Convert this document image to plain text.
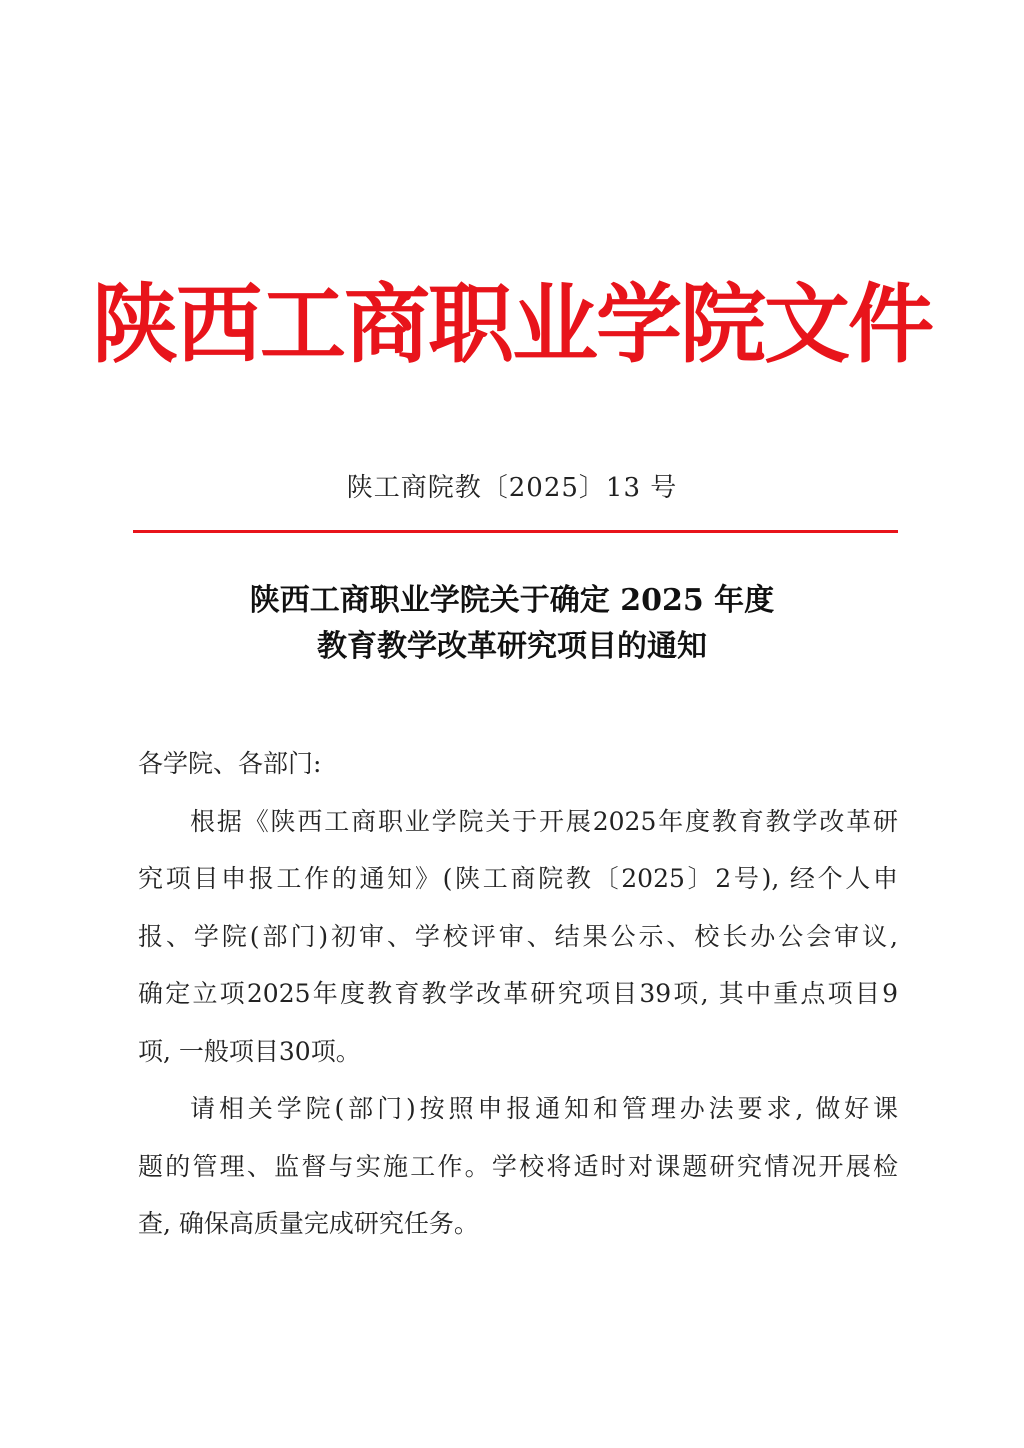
陕西工商职业学院文件
陕工商院教〔2025〕13 号
陕西工商职业学院关于确定 2025 年度
教育教学改革研究项目的通知
各学院、各部门:
根据《陕西工商职业学院关于开展2025年度教育教学改革研
究项目申报工作的通知》(陕工商院教〔2025〕2号), 经个人申
报、学院(部门)初审、学校评审、结果公示、校长办公会审议,
确定立项2025年度教育教学改革研究项目39项, 其中重点项目9
项, 一般项目30项。
请相关学院(部门)按照申报通知和管理办法要求, 做好课
题的管理、监督与实施工作。学校将适时对课题研究情况开展检
查, 确保高质量完成研究任务。
